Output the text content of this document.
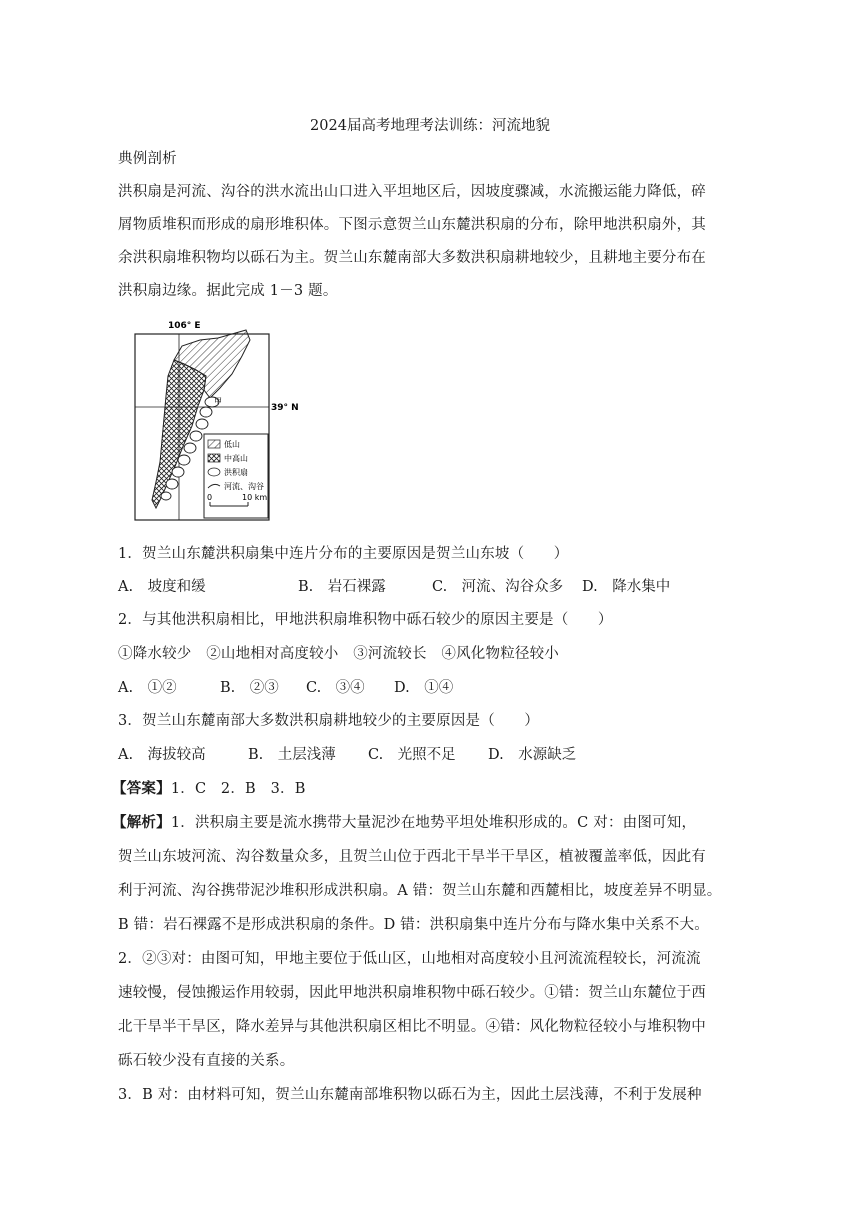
2024届高考地理考法训练：河流地貌
典例剖析
洪积扇是河流、沟谷的洪水流出山口进入平坦地区后，因坡度骤减，水流搬运能力降低，碎
屑物质堆积而形成的扇形堆积体。下图示意贺兰山东麓洪积扇的分布，除甲地洪积扇外，其
余洪积扇堆积物均以砾石为主。贺兰山东麓南部大多数洪积扇耕地较少，且耕地主要分布在
洪积扇边缘。据此完成 1－3 题。
106° E
39° N
甲
低山
中高山
洪积扇
河流、沟谷
0	10 km
1．贺兰山东麓洪积扇集中连片分布的主要原因是贺兰山东坡（　　）
A.　坡度和缓	B.　岩石裸露	C.　河流、沟谷众多	D.　降水集中
2．与其他洪积扇相比，甲地洪积扇堆积物中砾石较少的原因主要是（　　）
①降水较少　②山地相对高度较小　③河流较长　④风化物粒径较小
A.　①②	B.　②③	C.　③④	D.　①④
3．贺兰山东麓南部大多数洪积扇耕地较少的主要原因是（　　）
A.　海拔较高	B.　土层浅薄	C.　光照不足	D.　水源缺乏
【答案】1．C　2．B　3．B
【解析】1．洪积扇主要是流水携带大量泥沙在地势平坦处堆积形成的。C 对：由图可知，
贺兰山东坡河流、沟谷数量众多，且贺兰山位于西北干旱半干旱区，植被覆盖率低，因此有
利于河流、沟谷携带泥沙堆积形成洪积扇。A 错：贺兰山东麓和西麓相比，坡度差异不明显。
B 错：岩石裸露不是形成洪积扇的条件。D 错：洪积扇集中连片分布与降水集中关系不大。
2．②③对：由图可知，甲地主要位于低山区，山地相对高度较小且河流流程较长，河流流
速较慢，侵蚀搬运作用较弱，因此甲地洪积扇堆积物中砾石较少。①错：贺兰山东麓位于西
北干旱半干旱区，降水差异与其他洪积扇区相比不明显。④错：风化物粒径较小与堆积物中
砾石较少没有直接的关系。
3．B 对：由材料可知，贺兰山东麓南部堆积物以砾石为主，因此土层浅薄，不利于发展种
